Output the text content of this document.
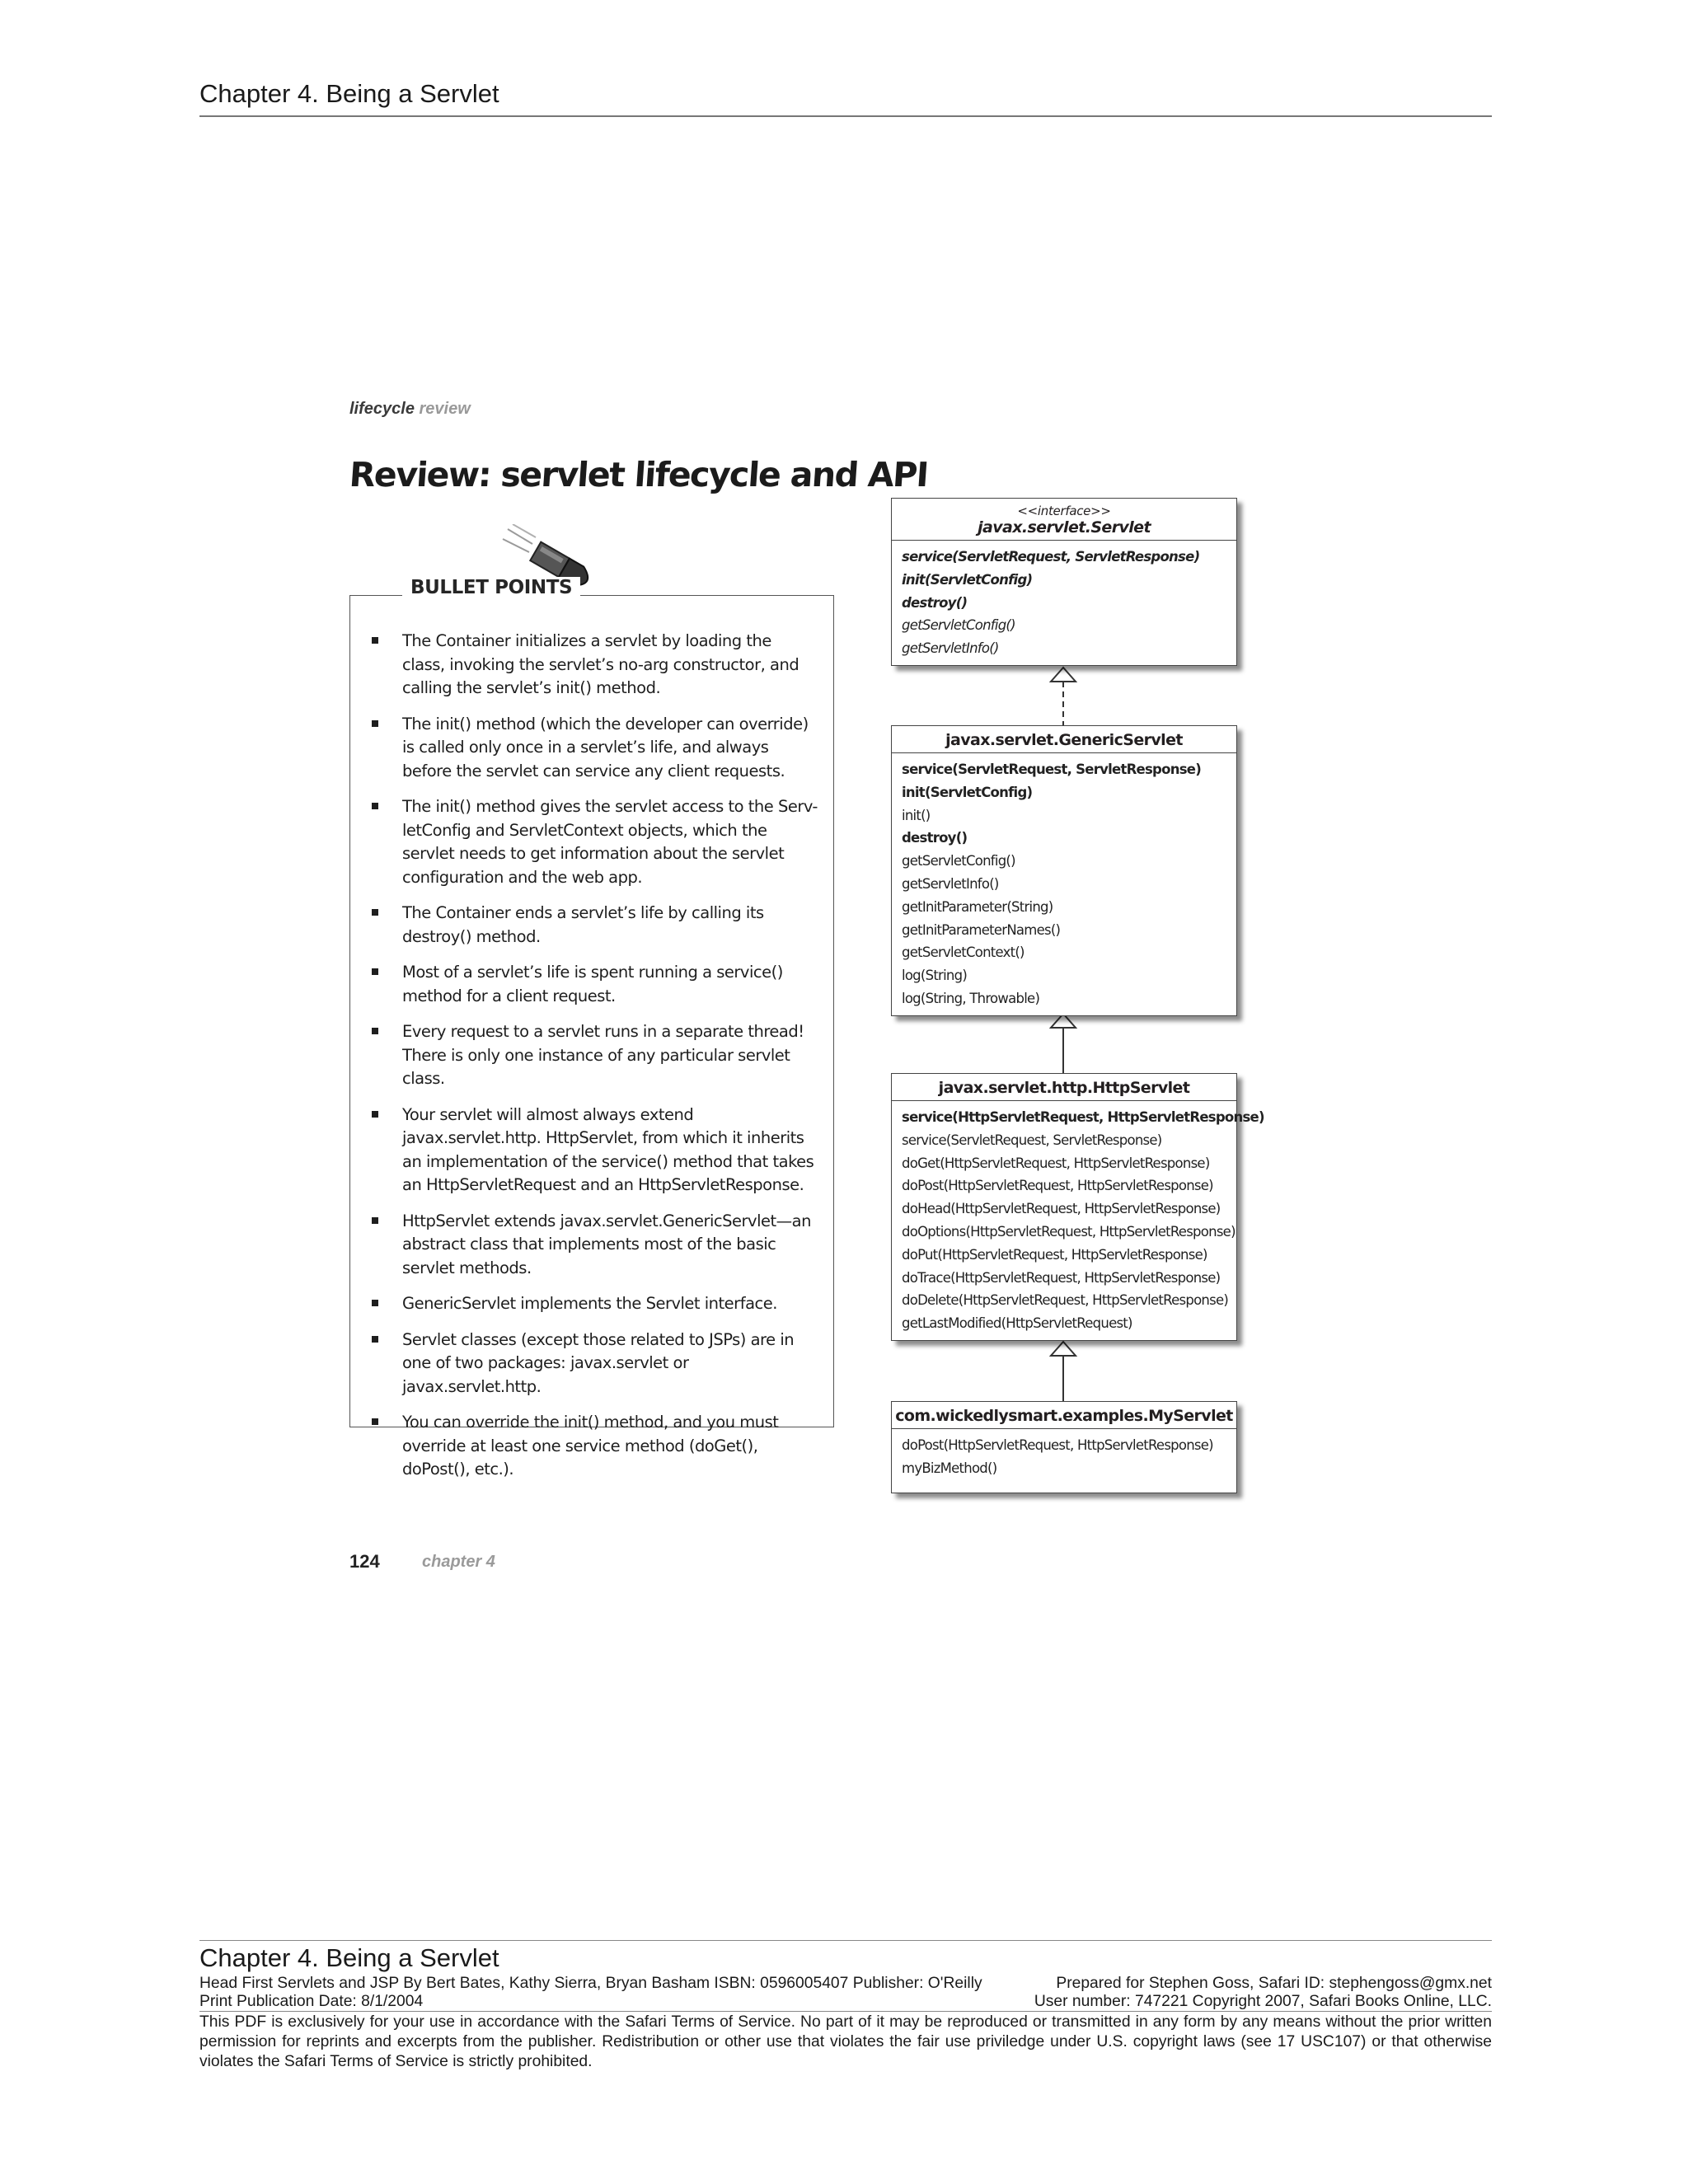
Chapter 4. Being a Servlet
lifecycle review
Review: servlet lifecycle and API
BULLET POINTS
The Container initializes a servlet by loading the class, invoking the servlet’s no-arg constructor, and calling the servlet’s init() method.
The init() method (which the developer can override) is called only once in a servlet’s life, and always before the servlet can service any client requests.
The init() method gives the servlet access to the Serv-letConfig and ServletContext objects, which the servlet needs to get information about the servlet configuration and the web app.
The Container ends a servlet’s life by calling its destroy() method.
Most of a servlet’s life is spent running a service() method for a client request.
Every request to a servlet runs in a separate thread! There is only one instance of any particular servlet class.
Your servlet will almost always extend javax.servlet.http. HttpServlet, from which it inherits an implementation of the service() method that takes an HttpServletRequest and an HttpServletResponse.
HttpServlet extends javax.servlet.GenericServlet—an abstract class that implements most of the basic servlet methods.
GenericServlet implements the Servlet interface.
Servlet classes (except those related to JSPs) are in one of two packages: javax.servlet or javax.servlet.http.
You can override the init() method, and you must override at least one service method (doGet(), doPost(), etc.).
<<interface>>
javax.servlet.Servlet
service(ServletRequest, ServletResponse)
init(ServletConfig)
destroy()
getServletConfig()
getServletInfo()
javax.servlet.GenericServlet
service(ServletRequest, ServletResponse)
init(ServletConfig)
init()
destroy()
getServletConfig()
getServletInfo()
getInitParameter(String)
getInitParameterNames()
getServletContext()
log(String)
log(String, Throwable)
javax.servlet.http.HttpServlet
service(HttpServletRequest, HttpServletResponse)
service(ServletRequest, ServletResponse)
doGet(HttpServletRequest, HttpServletResponse)
doPost(HttpServletRequest, HttpServletResponse)
doHead(HttpServletRequest, HttpServletResponse)
doOptions(HttpServletRequest, HttpServletResponse)
doPut(HttpServletRequest, HttpServletResponse)
doTrace(HttpServletRequest, HttpServletResponse)
doDelete(HttpServletRequest, HttpServletResponse)
getLastModified(HttpServletRequest)
com.wickedlysmart.examples.MyServlet
doPost(HttpServletRequest, HttpServletResponse)
myBizMethod()
124	chapter 4
Chapter 4. Being a Servlet
Head First Servlets and JSP By Bert Bates, Kathy Sierra, Bryan Basham ISBN: 0596005407 Publisher: O'Reilly	Prepared for Stephen Goss, Safari ID: stephengoss@gmx.net
Print Publication Date: 8/1/2004	User number: 747221 Copyright 2007, Safari Books Online, LLC.
This PDF is exclusively for your use in accordance with the Safari Terms of Service. No part of it may be reproduced or transmitted in any form by any means without the prior written permission for reprints and excerpts from the publisher. Redistribution or other use that violates the fair use priviledge under U.S. copyright laws (see 17 USC107) or that otherwise violates the Safari Terms of Service is strictly prohibited.
